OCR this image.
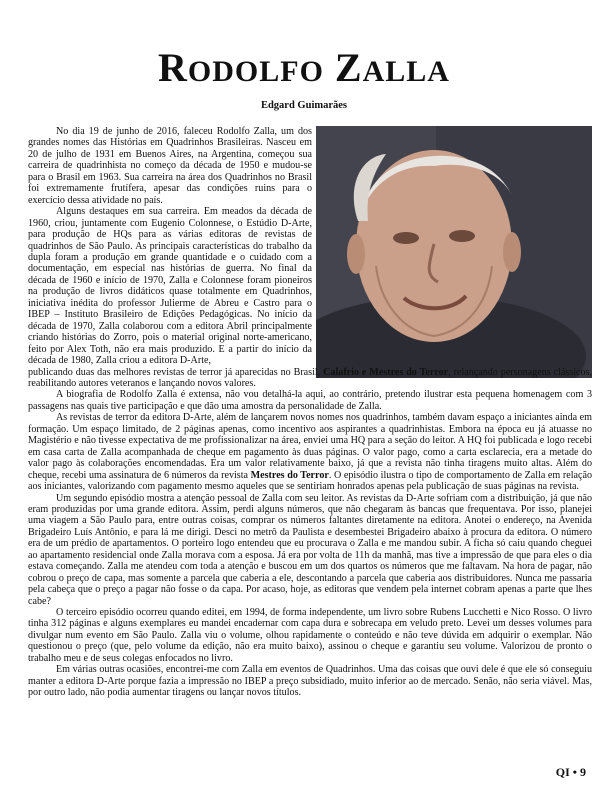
RODOLFO ZALLA
Edgard Guimarães

No dia 19 de junho de 2016, faleceu Rodolfo Zalla, um dos grandes nomes das Histórias em Quadrinhos Brasileiras. Nasceu em 20 de julho de 1931 em Buenos Aires, na Argentina, começou sua carreira de quadrinhista no começo da década de 1950 e mudou-se para o Brasil em 1963. Sua carreira na área dos Quadrinhos no Brasil foi extremamente frutífera, apesar das condições ruins para o exercício dessa atividade no país.

Alguns destaques em sua carreira. Em meados da década de 1960, criou, juntamente com Eugenio Colonnese, o Estúdio D-Arte, para produção de HQs para as várias editoras de revistas de quadrinhos de São Paulo. As principais características do trabalho da dupla foram a produção em grande quantidade e o cuidado com a documentação, em especial nas histórias de guerra. No final da década de 1960 e início de 1970, Zalla e Colonnese foram pioneiros na produção de livros didáticos quase totalmente em Quadrinhos, iniciativa inédita do professor Julierme de Abreu e Castro para o IBEP – Instituto Brasileiro de Edições Pedagógicas. No início da década de 1970, Zalla colaborou com a editora Abril principalmente criando histórias do Zorro, pois o material original norte-americano, feito por Alex Toth, não era mais produzido. E a partir do início da década de 1980, Zalla criou a editora D-Arte,

publicando duas das melhores revistas de terror já aparecidas no Brasil, Calafrio e Mestres do Terror, relançando personagens clássicos, reabilitando autores veteranos e lançando novos valores.

A biografia de Rodolfo Zalla é extensa, não vou detalhá-la aqui, ao contrário, pretendo ilustrar esta pequena homenagem com 3 passagens nas quais tive participação e que dão uma amostra da personalidade de Zalla.

As revistas de terror da editora D-Arte, além de lançarem novos nomes nos quadrinhos, também davam espaço a iniciantes ainda em formação. Um espaço limitado, de 2 páginas apenas, como incentivo aos aspirantes a quadrinhistas. Embora na época eu já atuasse no Magistério e não tivesse expectativa de me profissionalizar na área, enviei uma HQ para a seção do leitor. A HQ foi publicada e logo recebi em casa carta de Zalla acompanhada de cheque em pagamento às duas páginas. O valor pago, como a carta esclarecia, era a metade do valor pago às colaborações encomendadas. Era um valor relativamente baixo, já que a revista não tinha tiragens muito altas. Além do cheque, recebi uma assinatura de 6 números da revista Mestres do Terror. O episódio ilustra o tipo de comportamento de Zalla em relação aos iniciantes, valorizando com pagamento mesmo aqueles que se sentiriam honrados apenas pela publicação de suas páginas na revista.

Um segundo episódio mostra a atenção pessoal de Zalla com seu leitor. As revistas da D-Arte sofriam com a distribuição, já que não eram produzidas por uma grande editora. Assim, perdi alguns números, que não chegaram às bancas que frequentava. Por isso, planejei uma viagem a São Paulo para, entre outras coisas, comprar os números faltantes diretamente na editora. Anotei o endereço, na Avenida Brigadeiro Luís Antônio, e para lá me dirigi. Desci no metrô da Paulista e desembestei Brigadeiro abaixo à procura da editora. O número era de um prédio de apartamentos. O porteiro logo entendeu que eu procurava o Zalla e me mandou subir. A ficha só caiu quando cheguei ao apartamento residencial onde Zalla morava com a esposa. Já era por volta de 11h da manhã, mas tive a impressão de que para eles o dia estava começando. Zalla me atendeu com toda a atenção e buscou em um dos quartos os números que me faltavam. Na hora de pagar, não cobrou o preço de capa, mas somente a parcela que caberia a ele, descontando a parcela que caberia aos distribuidores. Nunca me passaria pela cabeça que o preço a pagar não fosse o da capa. Por acaso, hoje, as editoras que vendem pela internet cobram apenas a parte que lhes cabe?

O terceiro episódio ocorreu quando editei, em 1994, de forma independente, um livro sobre Rubens Lucchetti e Nico Rosso. O livro tinha 312 páginas e alguns exemplares eu mandei encadernar com capa dura e sobrecapa em veludo preto. Levei um desses volumes para divulgar num evento em São Paulo. Zalla viu o volume, olhou rapidamente o conteúdo e não teve dúvida em adquirir o exemplar. Não questionou o preço (que, pelo volume da edição, não era muito baixo), assinou o cheque e garantiu seu volume. Valorizou de pronto o trabalho meu e de seus colegas enfocados no livro.

Em várias outras ocasiões, encontrei-me com Zalla em eventos de Quadrinhos. Uma das coisas que ouvi dele é que ele só conseguiu manter a editora D-Arte porque fazia a impressão no IBEP a preço subsidiado, muito inferior ao de mercado. Senão, não seria viável. Mas, por outro lado, não podia aumentar tiragens ou lançar novos títulos.

QI • 9
